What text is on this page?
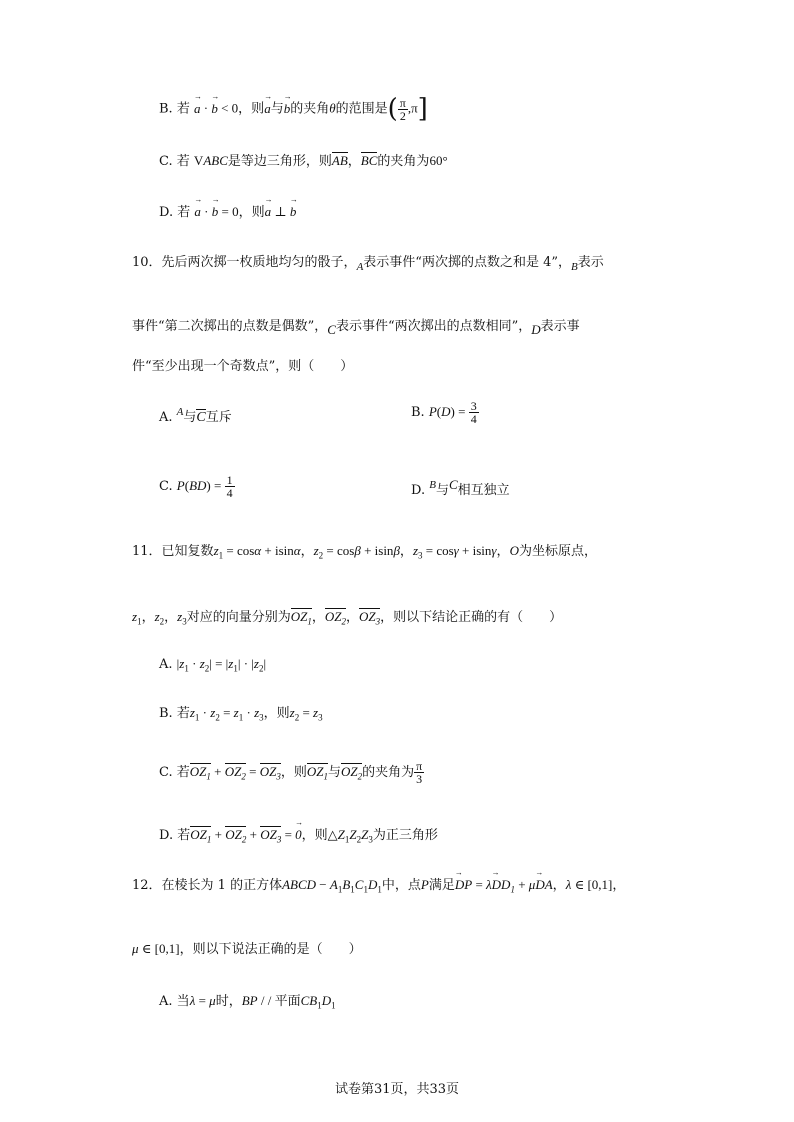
B. 若 → a · → b < 0，则→ a与→ b的夹角θ的范围是( $\frac{\pi}{2} ,\pi$]
C. 若 VABC是等边三角形，则AB，BC的夹角为60°
D. 若 → a · → b = 0，则→ a ⊥ → b
10．先后两次掷一枚质地均匀的骰子，$_A$表示事件“两次掷的点数之和是 4”，$_B$表示
事件“第二次掷出的点数是偶数”，C表示事件“两次掷出的点数相同”，D表示事
件“至少出现一个奇数点”，则（　　）
A. $^A$与C互斥	B. $P(D) = \frac{3}{4}$
C. $P(BD) = \frac{1}{4}$	D. $^B$与C相互独立
11．已知复数$z_1 = \cos\alpha + isin\alpha$，$z_2 = \cos\beta + isin\beta$，$z_3 = \cos\gamma + isin\gamma$，O为坐标原点，
$z_1$，$z_2$，$z_3$对应的向量分别为$OZ_1$，$OZ_2$，$OZ_3$，则以下结论正确的有（　　）
A. $|z_1 \cdot z_2| = |z_1| \cdot |z_2|$
B. 若$z_1 \cdot z_2 = z_1 \cdot z_3$，则$z_2 = z_3$
C. 若$OZ_1 + OZ_2 = OZ_3$，则$OZ_1$与$OZ_2$的夹角为 $\frac{\pi}{3}$
D. 若$OZ_1 + OZ_2 + OZ_3$ = → 0，则$\triangle Z_1Z_2Z_3$为正三角形
12．在棱长为 1 的正方体ABCD − $A_1B_1C_1D_1$中，点P满足→ DP = $\lambda\to DD_1 + \mu\to$ DA，λ ∈ [0,1]，
μ ∈ [0,1]，则以下说法正确的是（　　）
A. 当λ = μ时，BP / / 平面$CB_1D_1$
试卷第31页，共33页
